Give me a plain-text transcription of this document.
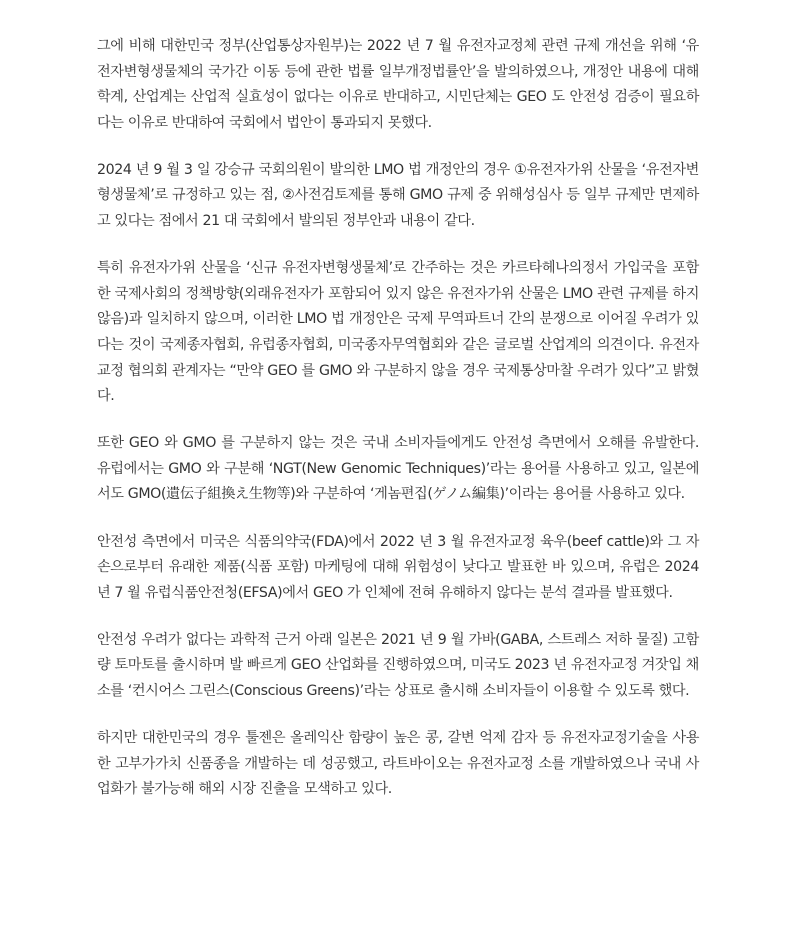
그에 비해 대한민국 정부(산업통상자원부)는 2022 년 7 월 유전자교정체 관련 규제 개선을 위해 ‘유전자변형생물체의 국가간 이동 등에 관한 법률 일부개정법률안’을 발의하였으나, 개정안 내용에 대해 학계, 산업계는 산업적 실효성이 없다는 이유로 반대하고, 시민단체는 GEO 도 안전성 검증이 필요하다는 이유로 반대하여 국회에서 법안이 통과되지 못했다.

2024 년 9 월 3 일 강승규 국회의원이 발의한 LMO 법 개정안의 경우 ①유전자가위 산물을 ‘유전자변형생물체’로 규정하고 있는 점, ②사전검토제를 통해 GMO 규제 중 위해성심사 등 일부 규제만 면제하고 있다는 점에서 21 대 국회에서 발의된 정부안과 내용이 같다.

특히 유전자가위 산물을 ‘신규 유전자변형생물체’로 간주하는 것은 카르타헤나의정서 가입국을 포함한 국제사회의 정책방향(외래유전자가 포함되어 있지 않은 유전자가위 산물은 LMO 관련 규제를 하지 않음)과 일치하지 않으며, 이러한 LMO 법 개정안은 국제 무역파트너 간의 분쟁으로 이어질 우려가 있다는 것이 국제종자협회, 유럽종자협회, 미국종자무역협회와 같은 글로벌 산업계의 의견이다. 유전자교정 협의회 관계자는 “만약 GEO 를 GMO 와 구분하지 않을 경우 국제통상마찰 우려가 있다”고 밝혔다.

또한 GEO 와 GMO 를 구분하지 않는 것은 국내 소비자들에게도 안전성 측면에서 오해를 유발한다. 유럽에서는 GMO 와 구분해 ‘NGT(New Genomic Techniques)’라는 용어를 사용하고 있고, 일본에서도 GMO(遺伝子組換え生物等)와 구분하여 ‘게놈편집(ゲノム編集)’이라는 용어를 사용하고 있다.

안전성 측면에서 미국은 식품의약국(FDA)에서 2022 년 3 월 유전자교정 육우(beef cattle)와 그 자손으로부터 유래한 제품(식품 포함) 마케팅에 대해 위험성이 낮다고 발표한 바 있으며, 유럽은 2024 년 7 월 유럽식품안전청(EFSA)에서 GEO 가 인체에 전혀 유해하지 않다는 분석 결과를 발표했다.

안전성 우려가 없다는 과학적 근거 아래 일본은 2021 년 9 월 가바(GABA, 스트레스 저하 물질) 고함량 토마토를 출시하며 발 빠르게 GEO 산업화를 진행하였으며, 미국도 2023 년 유전자교정 겨잣입 채소를 ‘컨시어스 그린스(Conscious Greens)’라는 상표로 출시해 소비자들이 이용할 수 있도록 했다.

하지만 대한민국의 경우 툴젠은 올레익산 함량이 높은 콩, 갈변 억제 감자 등 유전자교정기술을 사용한 고부가가치 신품종을 개발하는 데 성공했고, 라트바이오는 유전자교정 소를 개발하였으나 국내 사업화가 불가능해 해외 시장 진출을 모색하고 있다.
